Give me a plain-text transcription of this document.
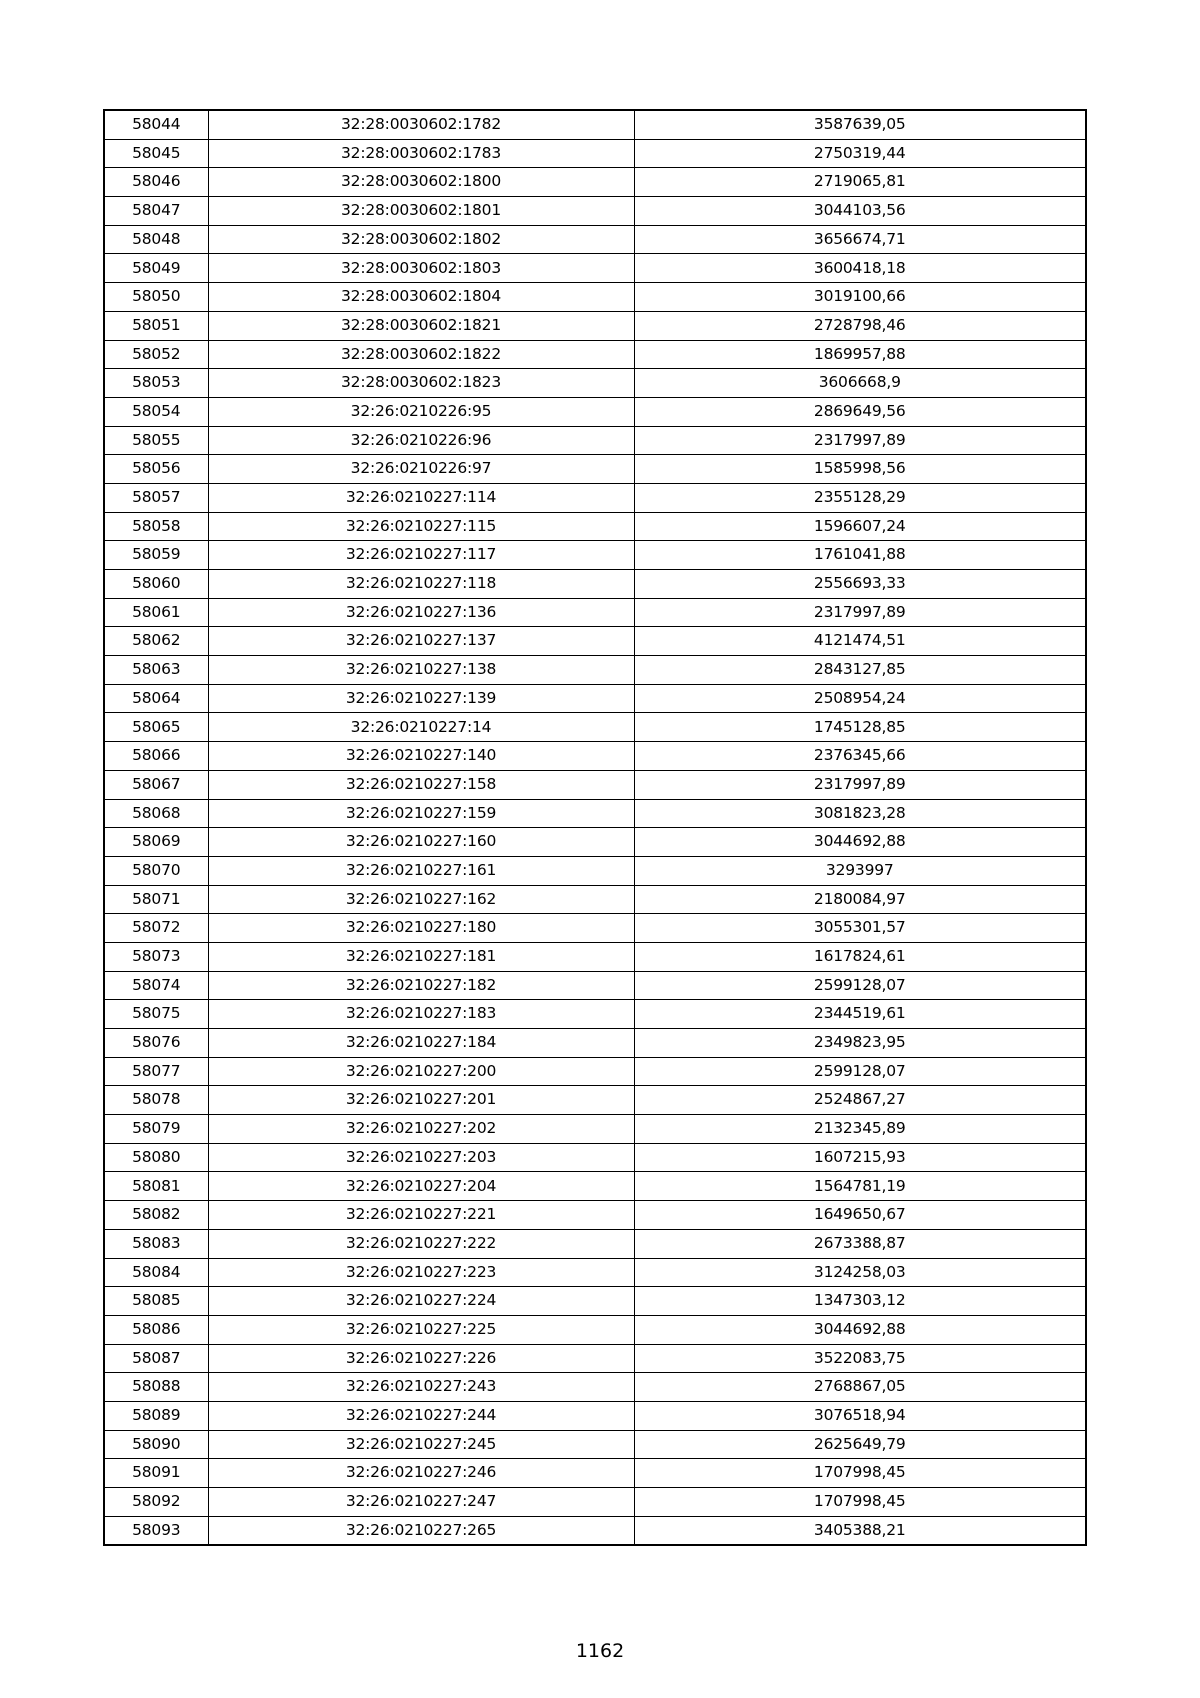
58044	32:28:0030602:1782	3587639,05
58045	32:28:0030602:1783	2750319,44
58046	32:28:0030602:1800	2719065,81
58047	32:28:0030602:1801	3044103,56
58048	32:28:0030602:1802	3656674,71
58049	32:28:0030602:1803	3600418,18
58050	32:28:0030602:1804	3019100,66
58051	32:28:0030602:1821	2728798,46
58052	32:28:0030602:1822	1869957,88
58053	32:28:0030602:1823	3606668,9
58054	32:26:0210226:95	2869649,56
58055	32:26:0210226:96	2317997,89
58056	32:26:0210226:97	1585998,56
58057	32:26:0210227:114	2355128,29
58058	32:26:0210227:115	1596607,24
58059	32:26:0210227:117	1761041,88
58060	32:26:0210227:118	2556693,33
58061	32:26:0210227:136	2317997,89
58062	32:26:0210227:137	4121474,51
58063	32:26:0210227:138	2843127,85
58064	32:26:0210227:139	2508954,24
58065	32:26:0210227:14	1745128,85
58066	32:26:0210227:140	2376345,66
58067	32:26:0210227:158	2317997,89
58068	32:26:0210227:159	3081823,28
58069	32:26:0210227:160	3044692,88
58070	32:26:0210227:161	3293997
58071	32:26:0210227:162	2180084,97
58072	32:26:0210227:180	3055301,57
58073	32:26:0210227:181	1617824,61
58074	32:26:0210227:182	2599128,07
58075	32:26:0210227:183	2344519,61
58076	32:26:0210227:184	2349823,95
58077	32:26:0210227:200	2599128,07
58078	32:26:0210227:201	2524867,27
58079	32:26:0210227:202	2132345,89
58080	32:26:0210227:203	1607215,93
58081	32:26:0210227:204	1564781,19
58082	32:26:0210227:221	1649650,67
58083	32:26:0210227:222	2673388,87
58084	32:26:0210227:223	3124258,03
58085	32:26:0210227:224	1347303,12
58086	32:26:0210227:225	3044692,88
58087	32:26:0210227:226	3522083,75
58088	32:26:0210227:243	2768867,05
58089	32:26:0210227:244	3076518,94
58090	32:26:0210227:245	2625649,79
58091	32:26:0210227:246	1707998,45
58092	32:26:0210227:247	1707998,45
58093	32:26:0210227:265	3405388,21
1162
